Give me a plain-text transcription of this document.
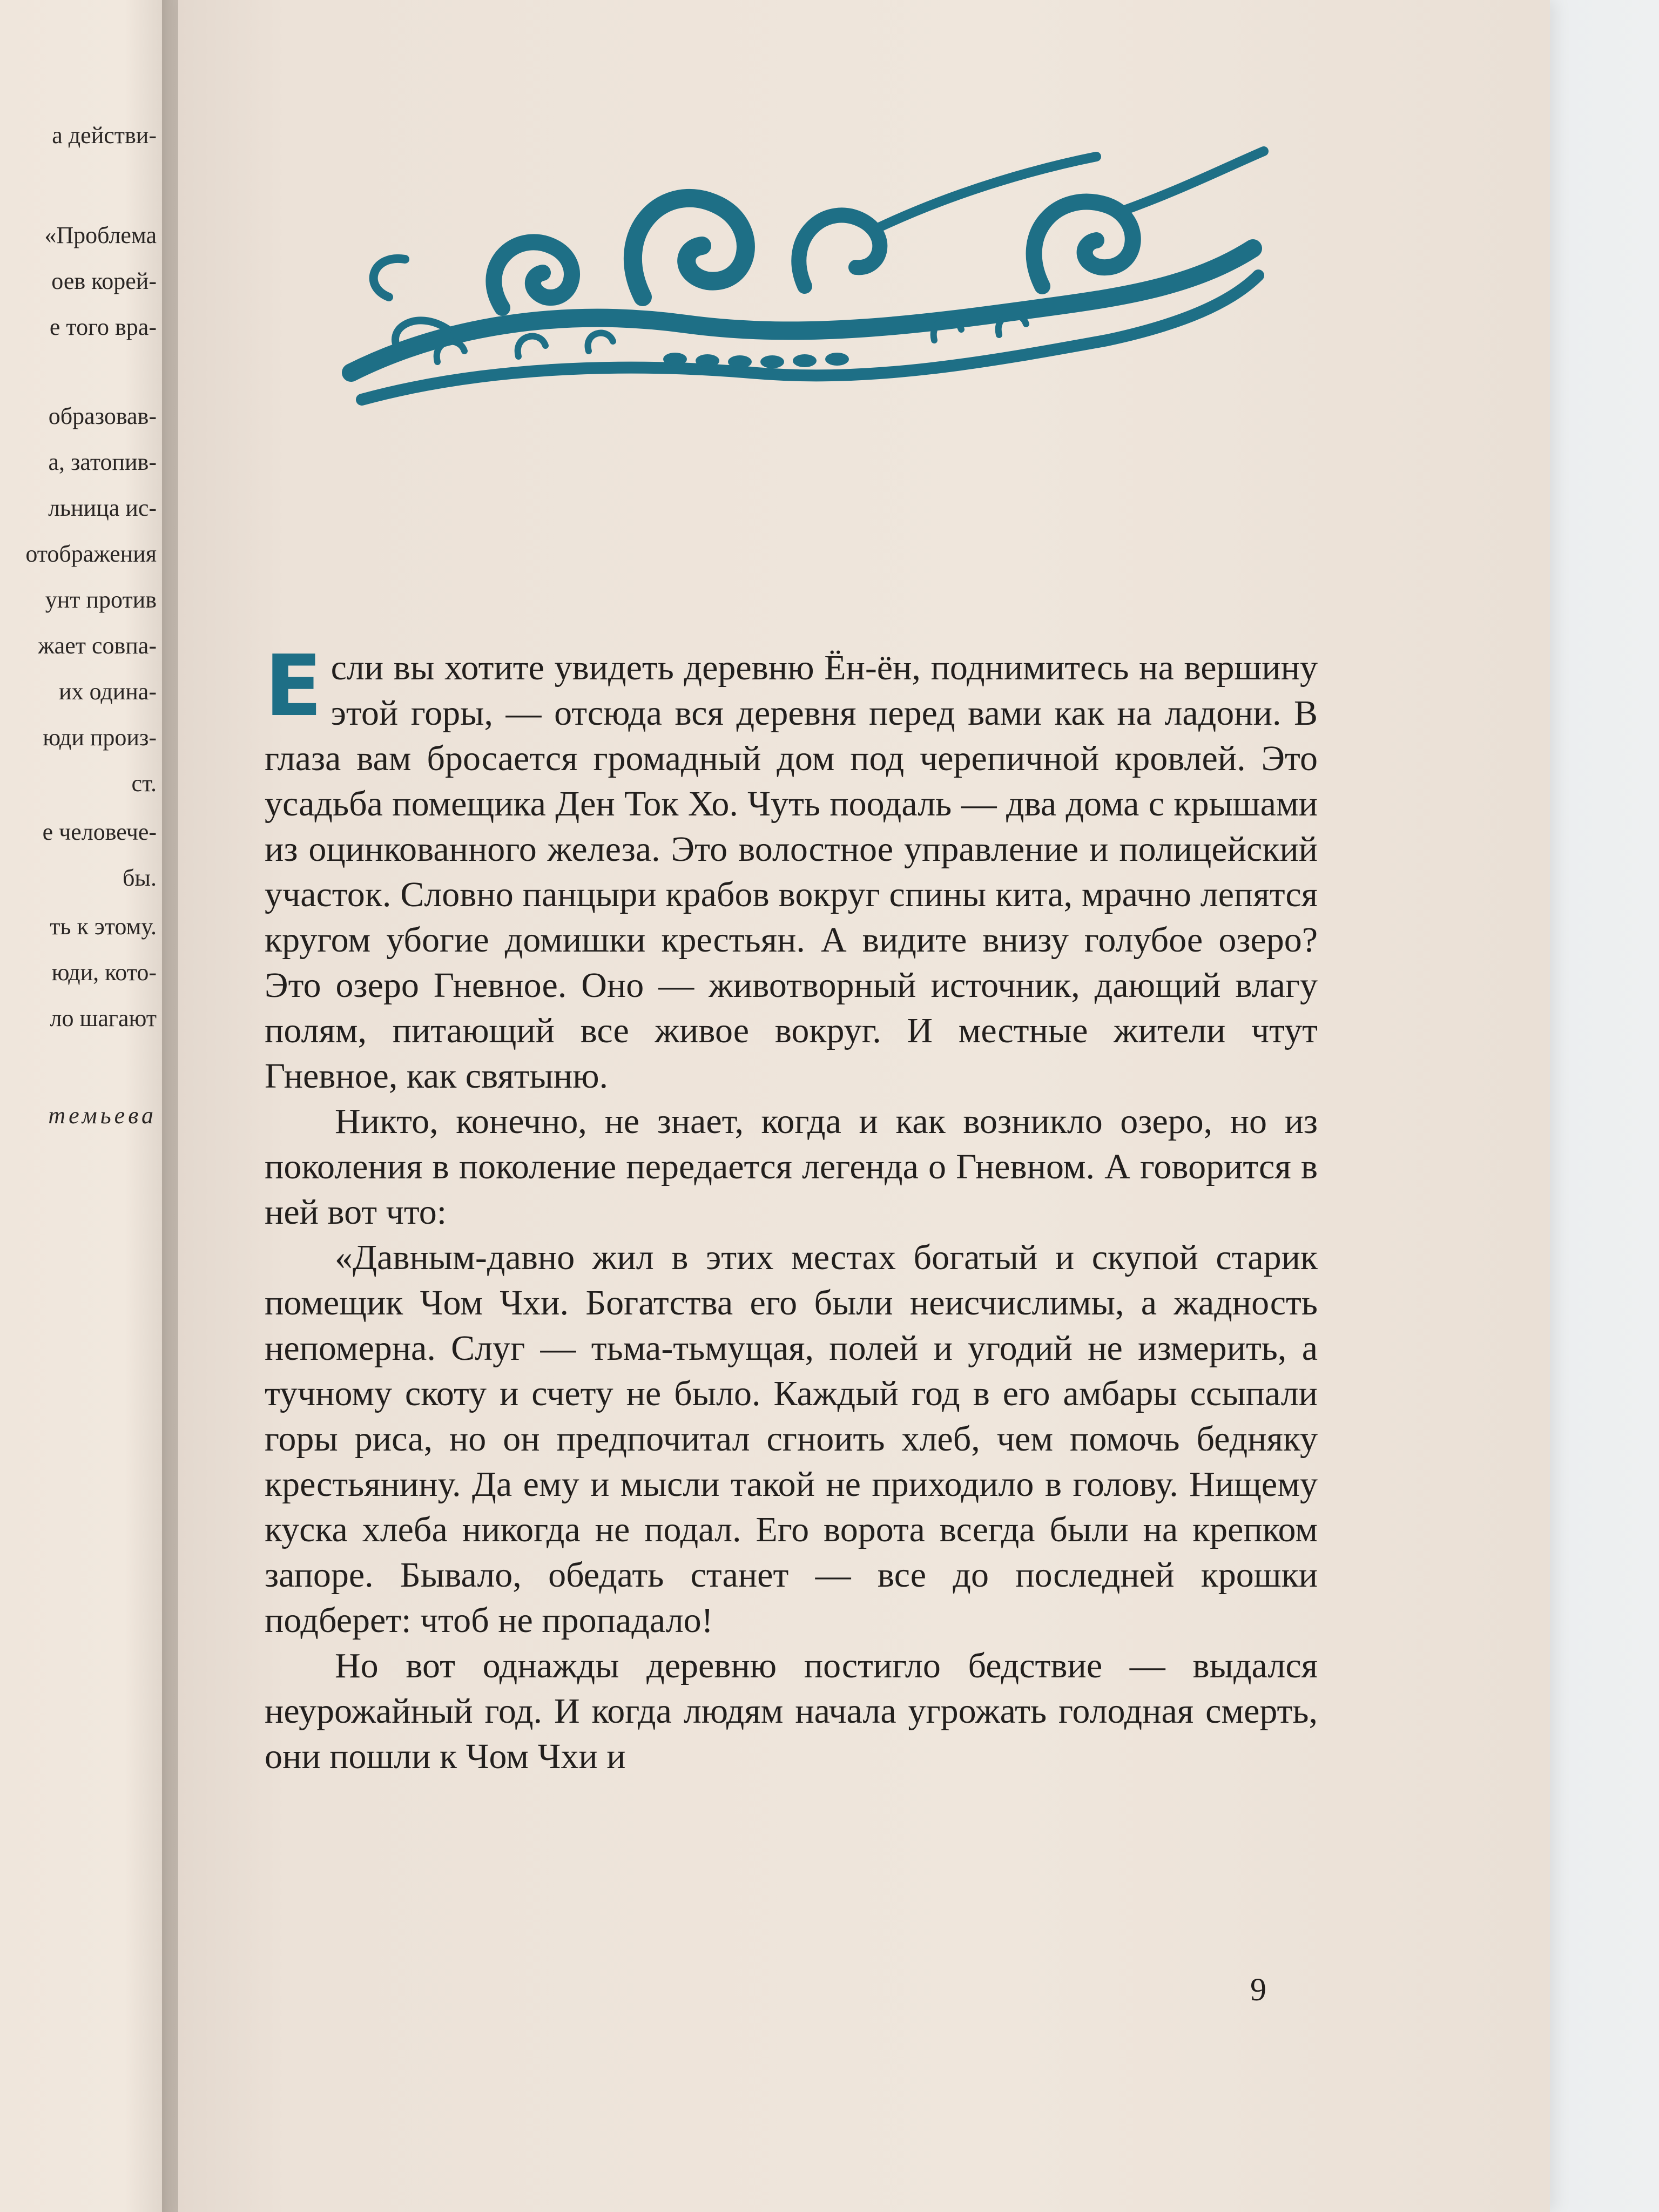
а действи-
«Проблема
оев корей-
е того вра-
образовав-
а, затопив-
льница ис-
отображения
унт против
жает совпа-
их одина-
юди произ-
ст.
е человече-
бы.
ть к этому.
юди, кото-
ло шагают
темьева

Если вы хотите увидеть деревню Ён-ён, поднимитесь на вершину этой горы, — отсюда вся деревня перед вами как на ладони. В глаза вам бросается громадный дом под черепичной кровлей. Это усадьба помещика Ден Ток Хо. Чуть поодаль — два дома с крышами из оцинкованного железа. Это волостное управление и полицейский участок. Словно панцыри крабов вокруг спины кита, мрачно лепятся кругом убогие домишки крестьян. А видите внизу голубое озеро? Это озеро Гневное. Оно — животворный источник, дающий влагу полям, питающий все живое вокруг. И местные жители чтут Гневное, как святыню.

Никто, конечно, не знает, когда и как возникло озеро, но из поколения в поколение передается легенда о Гневном. А говорится в ней вот что:

«Давным-давно жил в этих местах богатый и скупой старик помещик Чом Чхи. Богатства его были неисчислимы, а жадность непомерна. Слуг — тьма-тьмущая, полей и угодий не измерить, а тучному скоту и счету не было. Каждый год в его амбары ссыпали горы риса, но он предпочитал сгноить хлеб, чем помочь бедняку крестьянину. Да ему и мысли такой не приходило в голову. Нищему куска хлеба никогда не подал. Его ворота всегда были на крепком запоре. Бывало, обедать станет — все до последней крошки подберет: чтоб не пропадало!

Но вот однажды деревню постигло бедствие — выдался неурожайный год. И когда людям начала угрожать голодная смерть, они пошли к Чом Чхи и

9
